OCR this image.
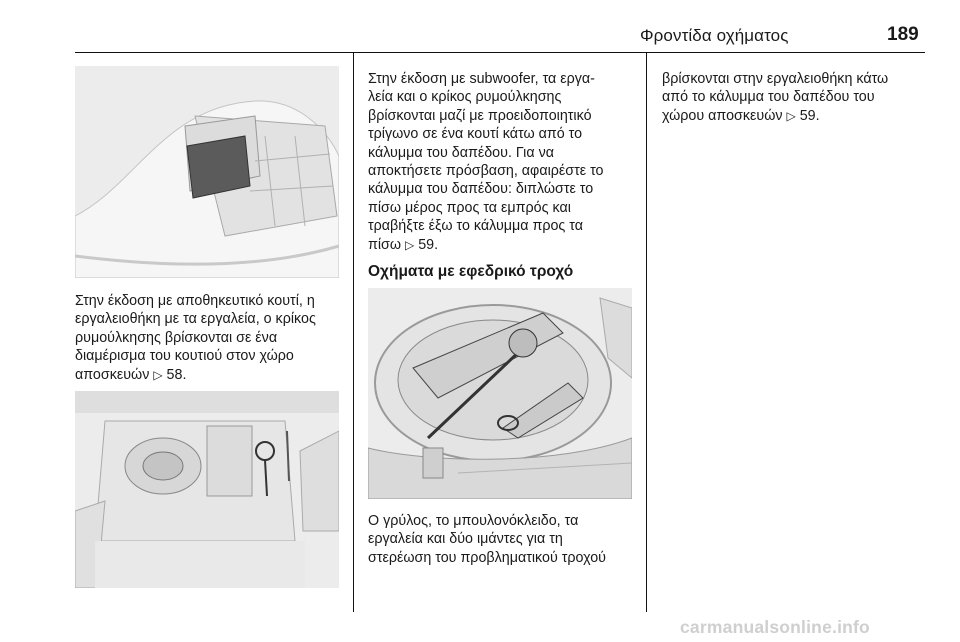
Φροντίδα οχήματος	189

Στην έκδοση με αποθηκευτικό κουτί, η
εργαλειοθήκη με τα εργαλεία, ο κρίκος
ρυμούλκησης βρίσκονται σε ένα
διαμέρισμα του κουτιού στον χώρο
αποσκευών ▷ 58.

Στην έκδοση με subwoofer, τα εργα‐
λεία και ο κρίκος ρυμούλκησης
βρίσκονται μαζί με προειδοποιητικό
τρίγωνο σε ένα κουτί κάτω από το
κάλυμμα του δαπέδου. Για να
αποκτήσετε πρόσβαση, αφαιρέστε το
κάλυμμα του δαπέδου: διπλώστε το
πίσω μέρος προς τα εμπρός και
τραβήξτε έξω το κάλυμμα προς τα
πίσω ▷ 59.

Οχήματα με εφεδρικό τροχό

Ο γρύλος, το μπουλονόκλειδο, τα
εργαλεία και δύο ιμάντες για τη
στερέωση του προβληματικού τροχού

βρίσκονται στην εργαλειοθήκη κάτω
από το κάλυμμα του δαπέδου του
χώρου αποσκευών ▷ 59.

carmanualsonline.info
